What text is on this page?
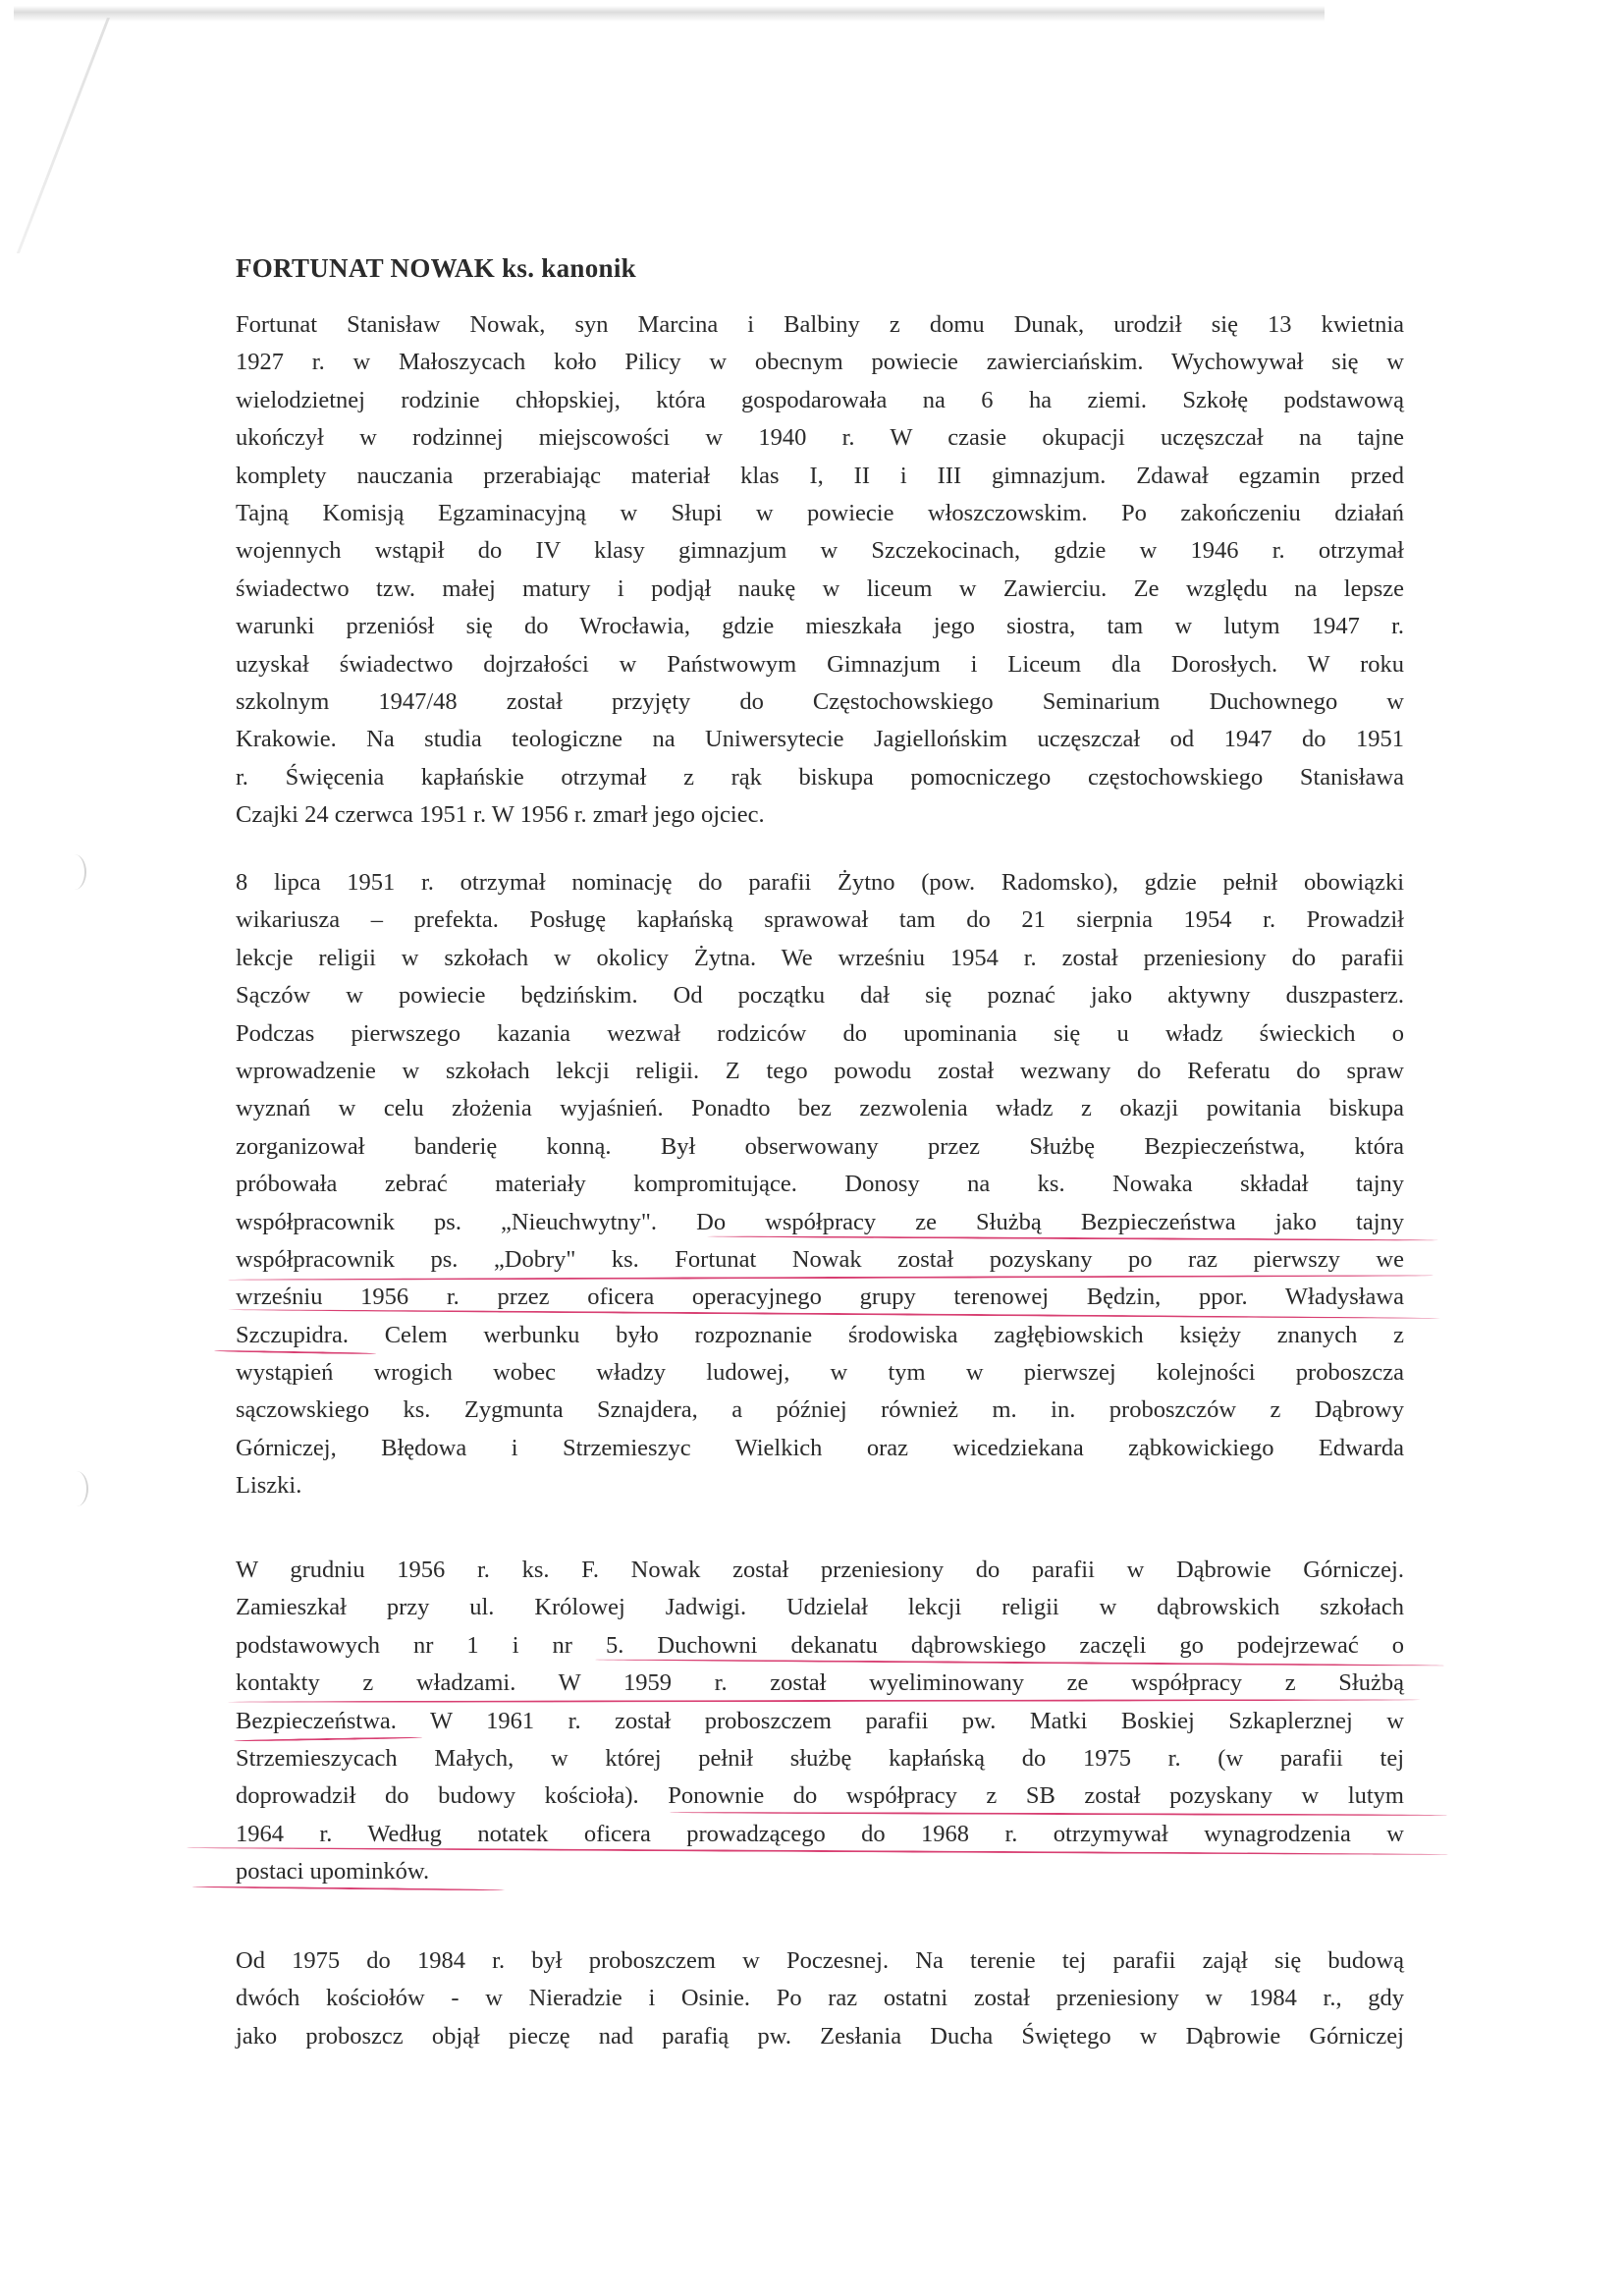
FORTUNAT NOWAK ks. kanonik
Fortunat Stanisław Nowak, syn Marcina i Balbiny z domu Dunak, urodził się 13 kwietnia
1927 r. w Małoszycach koło Pilicy w obecnym powiecie zawierciańskim. Wychowywał się w
wielodzietnej rodzinie chłopskiej, która gospodarowała na 6 ha ziemi. Szkołę podstawową
ukończył w rodzinnej miejscowości w 1940 r. W czasie okupacji uczęszczał na tajne
komplety nauczania przerabiając materiał klas I, II i III gimnazjum. Zdawał egzamin przed
Tajną Komisją Egzaminacyjną w Słupi w powiecie włoszczowskim. Po zakończeniu działań
wojennych wstąpił do IV klasy gimnazjum w Szczekocinach, gdzie w 1946 r. otrzymał
świadectwo tzw. małej matury i podjął naukę w liceum w Zawierciu. Ze względu na lepsze
warunki przeniósł się do Wrocławia, gdzie mieszkała jego siostra, tam w lutym 1947 r.
uzyskał świadectwo dojrzałości w Państwowym Gimnazjum i Liceum dla Dorosłych. W roku
szkolnym 1947/48 został przyjęty do Częstochowskiego Seminarium Duchownego w
Krakowie. Na studia teologiczne na Uniwersytecie Jagiellońskim uczęszczał od 1947 do 1951
r. Święcenia kapłańskie otrzymał z rąk biskupa pomocniczego częstochowskiego Stanisława
Czajki 24 czerwca 1951 r. W 1956 r. zmarł jego ojciec.
8 lipca 1951 r. otrzymał nominację do parafii Żytno (pow. Radomsko), gdzie pełnił obowiązki
wikariusza – prefekta. Posługę kapłańską sprawował tam do 21 sierpnia 1954 r. Prowadził
lekcje religii w szkołach w okolicy Żytna. We wrześniu 1954 r. został przeniesiony do parafii
Sączów w powiecie będzińskim. Od początku dał się poznać jako aktywny duszpasterz.
Podczas pierwszego kazania wezwał rodziców do upominania się u władz świeckich o
wprowadzenie w szkołach lekcji religii. Z tego powodu został wezwany do Referatu do spraw
wyznań w celu złożenia wyjaśnień. Ponadto bez zezwolenia władz z okazji powitania biskupa
zorganizował banderię konną. Był obserwowany przez Służbę Bezpieczeństwa, która
próbowała zebrać materiały kompromitujące. Donosy na ks. Nowaka składał tajny
współpracownik ps. „Nieuchwytny". Do współpracy ze Służbą Bezpieczeństwa jako tajny
współpracownik ps. „Dobry" ks. Fortunat Nowak został pozyskany po raz pierwszy we
wrześniu 1956 r. przez oficera operacyjnego grupy terenowej Będzin, ppor. Władysława
Szczupidra. Celem werbunku było rozpoznanie środowiska zagłębiowskich księży znanych z
wystąpień wrogich wobec władzy ludowej, w tym w pierwszej kolejności proboszcza
sączowskiego ks. Zygmunta Sznajdera, a później również m. in. proboszczów z Dąbrowy
Górniczej, Błędowa i Strzemieszyc Wielkich oraz wicedziekana ząbkowickiego Edwarda
Liszki.
W grudniu 1956 r. ks. F. Nowak został przeniesiony do parafii w Dąbrowie Górniczej.
Zamieszkał przy ul. Królowej Jadwigi. Udzielał lekcji religii w dąbrowskich szkołach
podstawowych nr 1 i nr 5. Duchowni dekanatu dąbrowskiego zaczęli go podejrzewać o
kontakty z władzami. W 1959 r. został wyeliminowany ze współpracy z Służbą
Bezpieczeństwa. W 1961 r. został proboszczem parafii pw. Matki Boskiej Szkaplerznej w
Strzemieszycach Małych, w której pełnił służbę kapłańską do 1975 r. (w parafii tej
doprowadził do budowy kościoła). Ponownie do współpracy z SB został pozyskany w lutym
1964 r. Według notatek oficera prowadzącego do 1968 r. otrzymywał wynagrodzenia w
postaci upominków.
Od 1975 do 1984 r. był proboszczem w Poczesnej. Na terenie tej parafii zajął się budową
dwóch kościołów - w Nieradzie i Osinie. Po raz ostatni został przeniesiony w 1984 r., gdy
jako proboszcz objął pieczę nad parafią pw. Zesłania Ducha Świętego w Dąbrowie Górniczej
